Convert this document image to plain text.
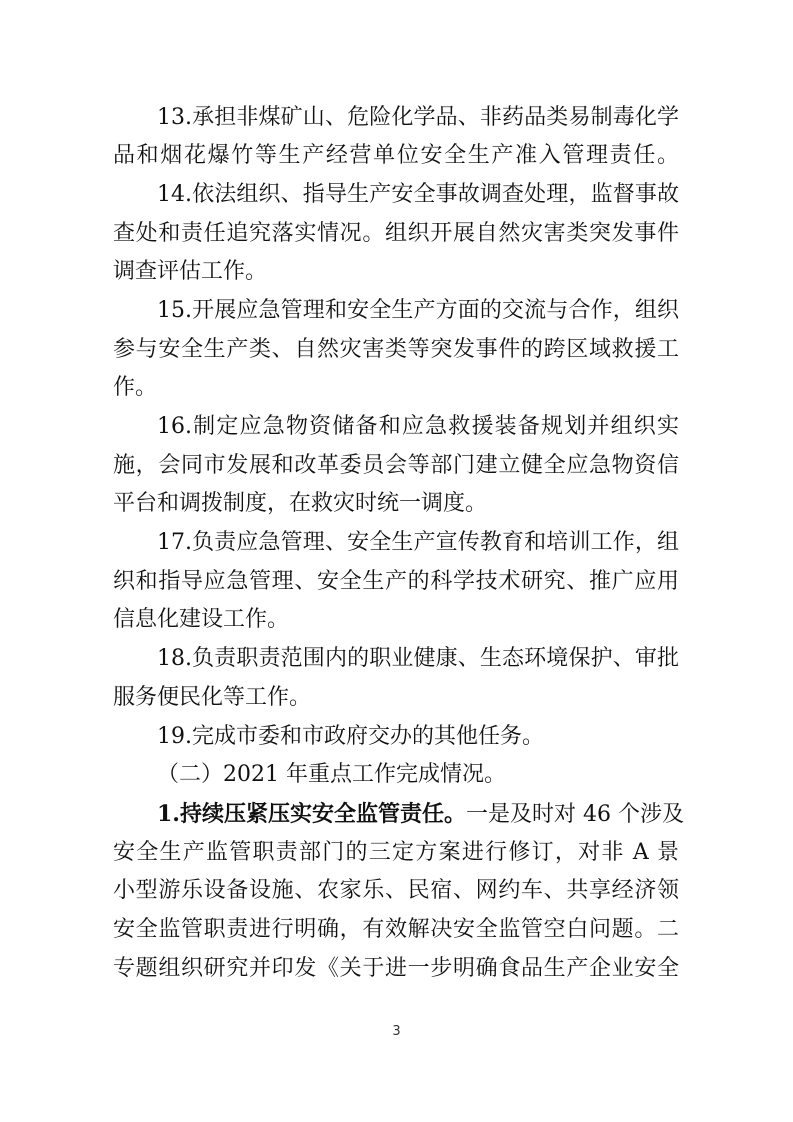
13.承担非煤矿山、危险化学品、非药品类易制毒化学
品和烟花爆竹等生产经营单位安全生产准入管理责任。
14.依法组织、指导生产安全事故调查处理，监督事故
查处和责任追究落实情况。组织开展自然灾害类突发事件
调查评估工作。
15.开展应急管理和安全生产方面的交流与合作，组织
参与安全生产类、自然灾害类等突发事件的跨区域救援工
作。
16.制定应急物资储备和应急救援装备规划并组织实
施，会同市发展和改革委员会等部门建立健全应急物资信
平台和调拨制度，在救灾时统一调度。
17.负责应急管理、安全生产宣传教育和培训工作，组
织和指导应急管理、安全生产的科学技术研究、推广应用
信息化建设工作。
18.负责职责范围内的职业健康、生态环境保护、审批
服务便民化等工作。
19.完成市委和市政府交办的其他任务。
（二）2021 年重点工作完成情况。
1.持续压紧压实安全监管责任。一是及时对 46 个涉及
安全生产监管职责部门的三定方案进行修订，对非 A 景
小型游乐设备设施、农家乐、民宿、网约车、共享经济领
安全监管职责进行明确，有效解决安全监管空白问题。二
专题组织研究并印发《关于进一步明确食品生产企业安全
3
